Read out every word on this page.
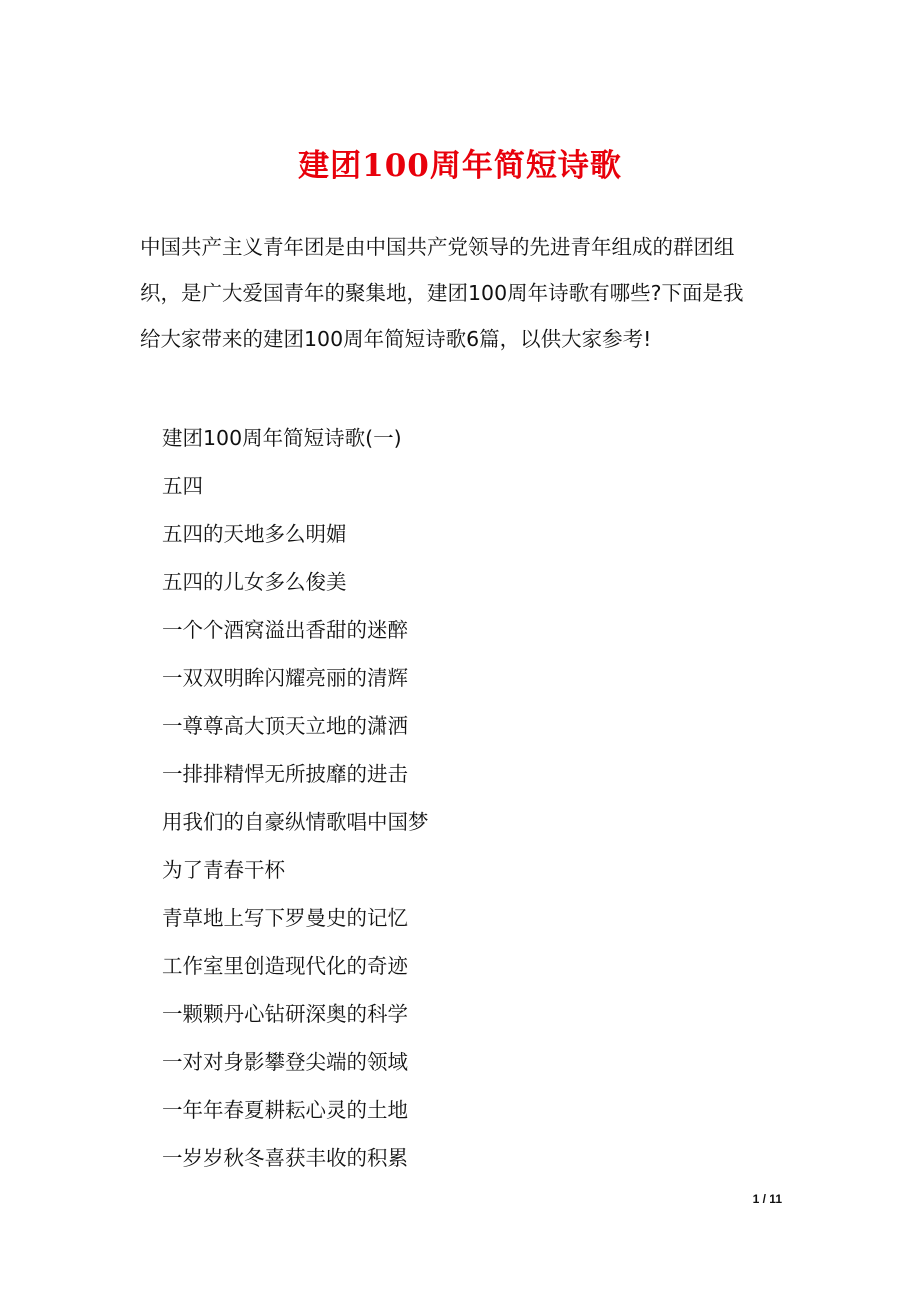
建团100周年简短诗歌
中国共产主义青年团是由中国共产党领导的先进青年组成的群团组
织，是广大爱国青年的聚集地，建团100周年诗歌有哪些?下面是我
给大家带来的建团100周年简短诗歌6篇，以供大家参考!
建团100周年简短诗歌(一)
五四
五四的天地多么明媚
五四的儿女多么俊美
一个个酒窝溢出香甜的迷醉
一双双明眸闪耀亮丽的清辉
一尊尊高大顶天立地的潇洒
一排排精悍无所披靡的进击
用我们的自豪纵情歌唱中国梦
为了青春干杯
青草地上写下罗曼史的记忆
工作室里创造现代化的奇迹
一颗颗丹心钻研深奥的科学
一对对身影攀登尖端的领域
一年年春夏耕耘心灵的土地
一岁岁秋冬喜获丰收的积累
1 / 11
